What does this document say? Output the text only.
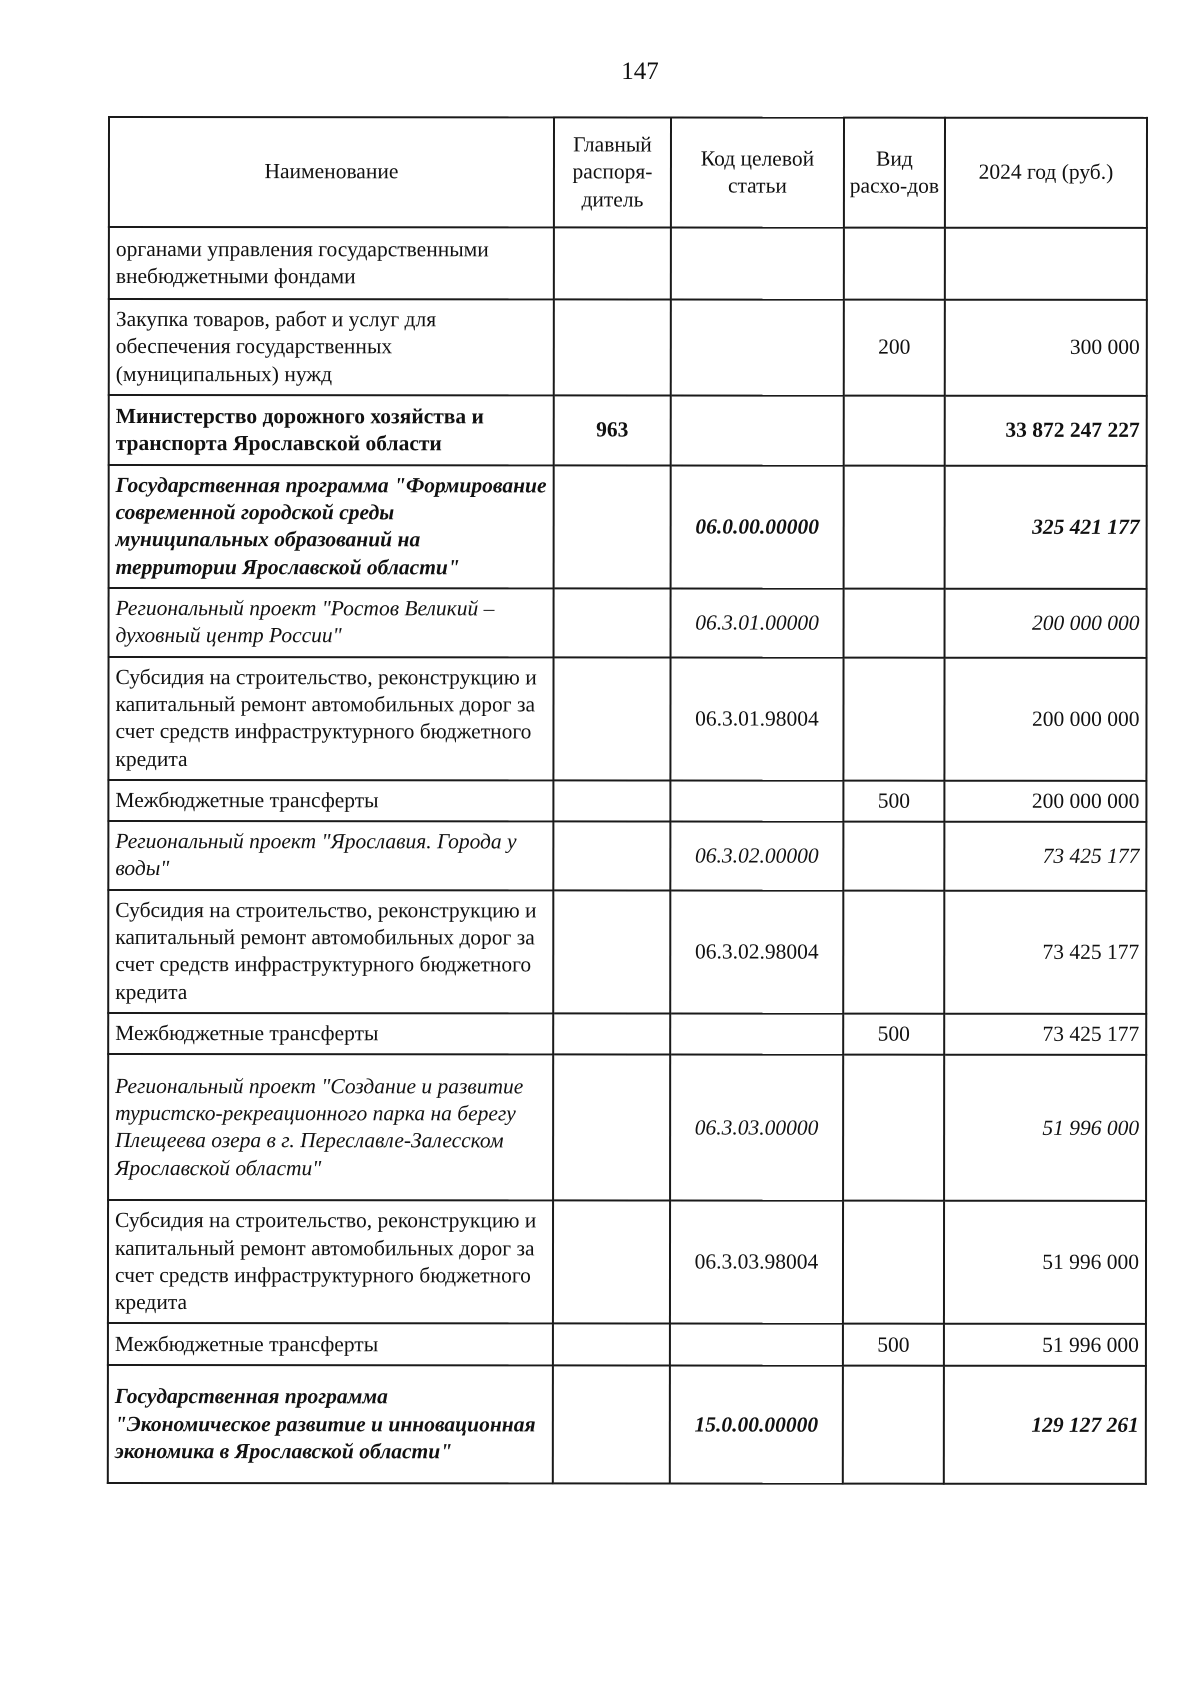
147
Наименование	Главный распоря-дитель	Код целевой статьи	Вид расхо-дов	2024 год (руб.)
органами управления государственными внебюджетными фондами				
Закупка товаров, работ и услуг для обеспечения государственных (муниципальных) нужд			200	300 000
Министерство дорожного хозяйства и транспорта Ярославской области	963			33 872 247 227
Государственная программа "Формирование современной городской среды муниципальных образований на территории Ярославской области"		06.0.00.00000		325 421 177
Региональный проект "Ростов Великий – духовный центр России"		06.3.01.00000		200 000 000
Субсидия на строительство, реконструкцию и капитальный ремонт автомобильных дорог за счет средств инфраструктурного бюджетного кредита		06.3.01.98004		200 000 000
Межбюджетные трансферты			500	200 000 000
Региональный проект "Ярославия. Города у воды"		06.3.02.00000		73 425 177
Субсидия на строительство, реконструкцию и капитальный ремонт автомобильных дорог за счет средств инфраструктурного бюджетного кредита		06.3.02.98004		73 425 177
Межбюджетные трансферты			500	73 425 177
Региональный проект "Создание и развитие туристско-рекреационного парка на берегу Плещеева озера в г. Переславле-Залесском Ярославской области"		06.3.03.00000		51 996 000
Субсидия на строительство, реконструкцию и капитальный ремонт автомобильных дорог за счет средств инфраструктурного бюджетного кредита		06.3.03.98004		51 996 000
Межбюджетные трансферты			500	51 996 000
Государственная программа "Экономическое развитие и инновационная экономика в Ярославской области"		15.0.00.00000		129 127 261
